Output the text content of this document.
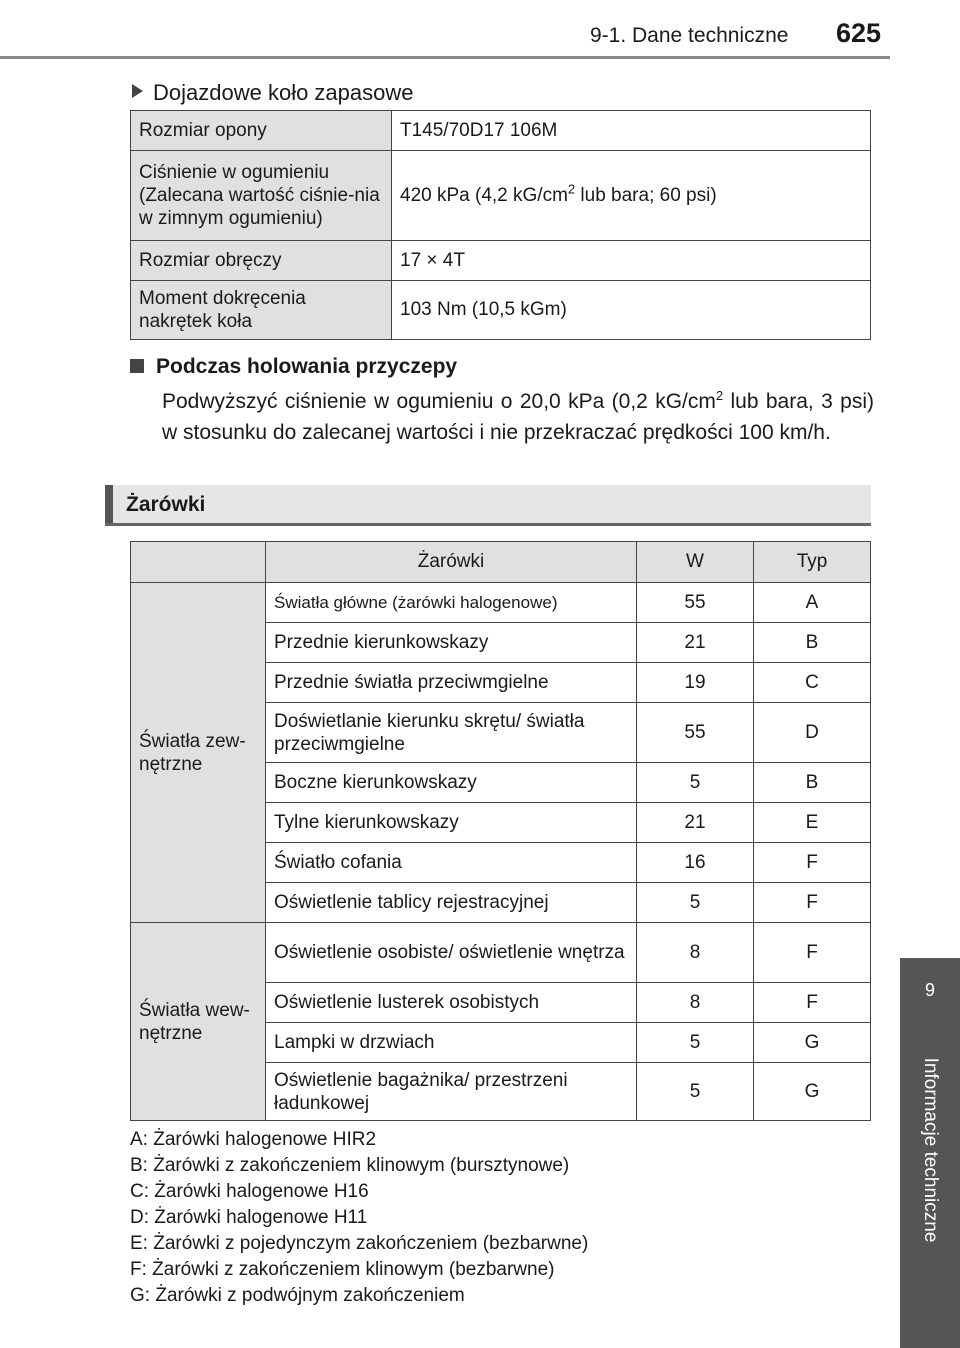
9-1. Dane techniczne 625
9
Informacje techniczne
Dojazdowe koło zapasowe
Rozmiar opony	T145/70D17 106M
Ciśnienie w ogumieniu (Zalecana wartość ciśnie-nia w zimnym ogumieniu)	420 kPa (4,2 $kG/cm^2$ lub bara; 60 psi)
Rozmiar obręczy	17 × 4T
Moment dokręcenia nakrętek koła	103 Nm (10,5 kGm)
Podczas holowania przyczepy
Podwyższyć ciśnienie w ogumieniu o 20,0 kPa (0,2 $kG/cm^2$ lub bara, 3 psi) w stosunku do zalecanej wartości i nie przekraczać prędkości 100 km/h.
Żarówki
	Żarówki	W	Typ
Światła zew-nętrzne	Światła główne (żarówki halogenowe)	55	A
	Przednie kierunkowskazy	21	B
	Przednie światła przeciwmgielne	19	C
	Doświetlanie kierunku skrętu/ światła przeciwmgielne	55	D
	Boczne kierunkowskazy	5	B
	Tylne kierunkowskazy	21	E
	Światło cofania	16	F
	Oświetlenie tablicy rejestracyjnej	5	F
Światła wew-nętrzne	Oświetlenie osobiste/ oświetlenie wnętrza	8	F
	Oświetlenie lusterek osobistych	8	F
	Lampki w drzwiach	5	G
	Oświetlenie bagażnika/ przestrzeni ładunkowej	5	G
A: Żarówki halogenowe HIR2
B: Żarówki z zakończeniem klinowym (bursztynowe)
C: Żarówki halogenowe H16
D: Żarówki halogenowe H11
E: Żarówki z pojedynczym zakończeniem (bezbarwne)
F: Żarówki z zakończeniem klinowym (bezbarwne)
G: Żarówki z podwójnym zakończeniem
